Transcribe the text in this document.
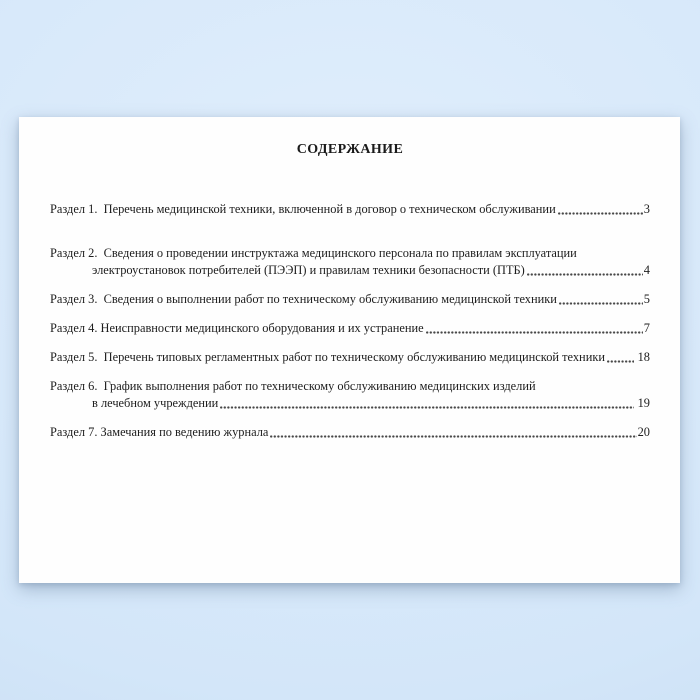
СОДЕРЖАНИЕ
Раздел 1. Перечень медицинской техники, включенной в договор о техническом обслуживании	3
Раздел 2.  Сведения о проведении инструктажа медицинского персонала по правилам эксплуатации
электроустановок потребителей (ПЭЭП) и правилам техники безопасности (ПТБ)	4
Раздел 3. Сведения о выполнении работ по техническому обслуживанию медицинской техники	5
Раздел 4. Неисправности медицинского оборудования и их устранение	7
Раздел 5. Перечень типовых регламентных работ по техническому обслуживанию медицинской техники 18
Раздел 6.  График выполнения работ по техническому обслуживанию медицинских изделий
в лечебном учреждении	19
Раздел 7. Замечания по ведению журнала	20
